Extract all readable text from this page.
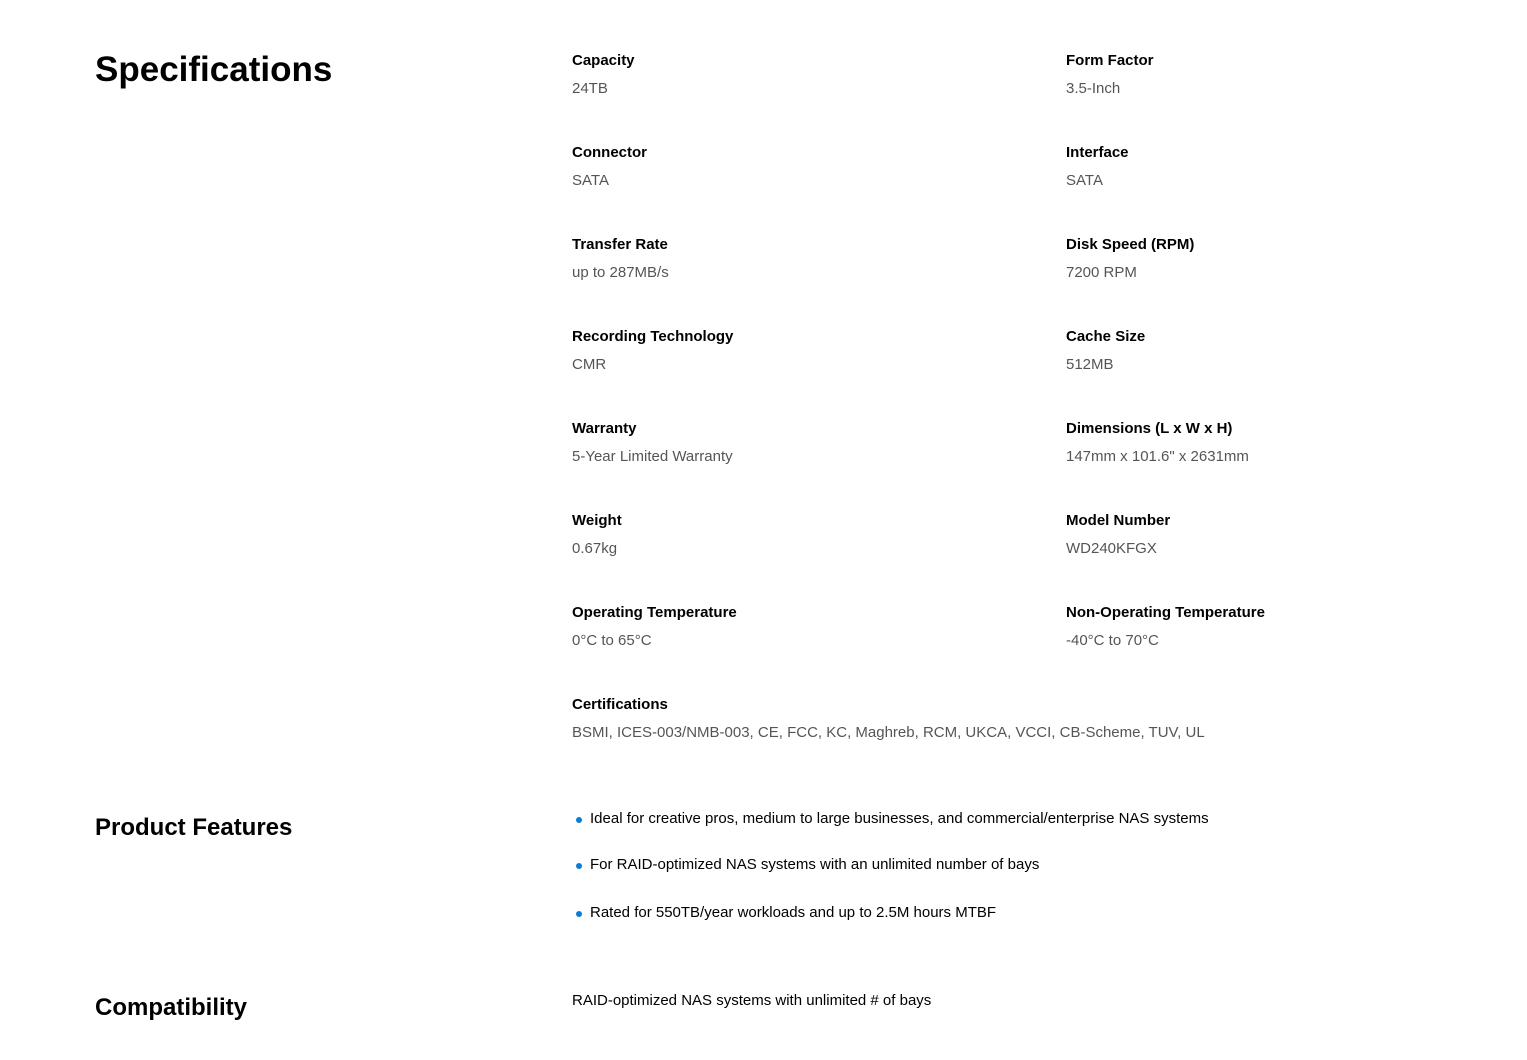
Specifications	Capacity
24TB
Form Factor
3.5-Inch
Connector
SATA
Interface
SATA
Transfer Rate
up to 287MB/s
Disk Speed (RPM)
7200 RPM
Recording Technology
CMR
Cache Size
512MB
Warranty
5-Year Limited Warranty
Dimensions (L x W x H)
147mm x 101.6" x 2631mm
Weight
0.67kg
Model Number
WD240KFGX
Operating Temperature
0°C to 65°C
Non-Operating Temperature
-40°C to 70°C
Certifications
BSMI, ICES-003/NMB-003, CE, FCC, KC, Maghreb, RCM, UKCA, VCCI, CB-Scheme, TUV, UL
Product Features	Ideal for creative pros, medium to large businesses, and commercial/enterprise NAS systems
For RAID-optimized NAS systems with an unlimited number of bays
Rated for 550TB/year workloads and up to 2.5M hours MTBF
Compatibility	RAID-optimized NAS systems with unlimited # of bays
